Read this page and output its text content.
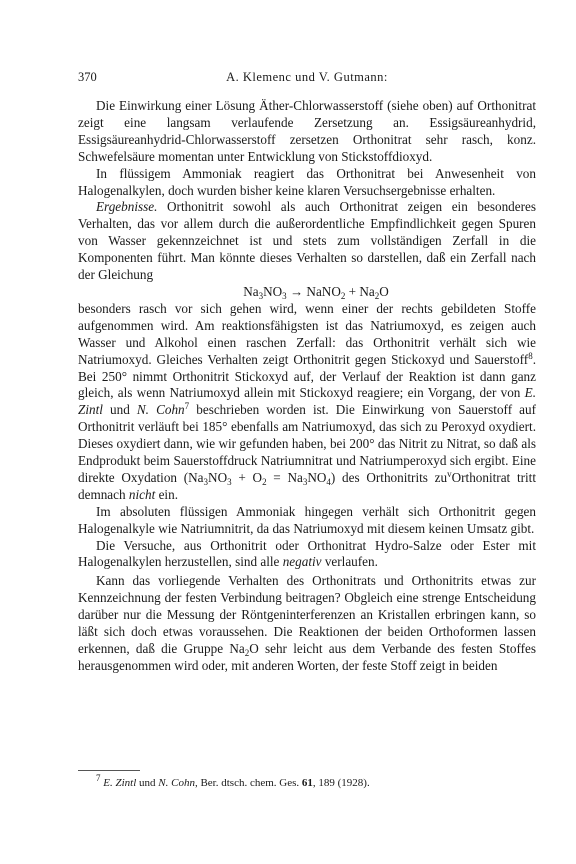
370	A. Klemenc und V. Gutmann:

Die Einwirkung einer Lösung Äther-Chlorwasserstoff (siehe oben) auf Orthonitrat zeigt eine langsam verlaufende Zersetzung an. Essigsäureanhydrid, Essigsäureanhydrid-Chlorwasserstoff zersetzen Orthonitrat sehr rasch, konz. Schwefelsäure momentan unter Entwicklung von Stickstoffdioxyd.

In flüssigem Ammoniak reagiert das Orthonitrat bei Anwesenheit von Halogenalkylen, doch wurden bisher keine klaren Versuchsergebnisse erhalten.

Ergebnisse. Orthonitrit sowohl als auch Orthonitrat zeigen ein besonderes Verhalten, das vor allem durch die außerordentliche Empfindlichkeit gegen Spuren von Wasser gekennzeichnet ist und stets zum vollständigen Zerfall in die Komponenten führt. Man könnte dieses Verhalten so darstellen, daß ein Zerfall nach der Gleichung

$Na_3NO_3$ → NaNO$_2$ + $Na_2O$

besonders rasch vor sich gehen wird, wenn einer der rechts gebildeten Stoffe aufgenommen wird. Am reaktionsfähigsten ist das Natriumoxyd, es zeigen auch Wasser und Alkohol einen raschen Zerfall: das Orthonitrit verhält sich wie Natriumoxyd. Gleiches Verhalten zeigt Orthonitrit gegen Stickoxyd und Sauerstoff$^8$. Bei 250° nimmt Orthonitrit Stickoxyd auf, der Verlauf der Reaktion ist dann ganz gleich, als wenn Natriumoxyd allein mit Stickoxyd reagiere; ein Vorgang, der von E. Zintl und N. Cohn$^7$ beschrieben worden ist. Die Einwirkung von Sauerstoff auf Orthonitrit verläuft bei 185° ebenfalls am Natriumoxyd, das sich zu Peroxyd oxydiert. Dieses oxydiert dann, wie wir gefunden haben, bei 200° das Nitrit zu Nitrat, so daß als Endprodukt beim Sauerstoffdruck Natriumnitrat und Natriumperoxyd sich ergibt. Eine direkte Oxydation $(Na_3NO_3 + O_2 = Na_3NO_4)$ des Orthonitrits $zu^vOrthonitrat$ tritt demnach nicht ein.

Im absoluten flüssigen Ammoniak hingegen verhält sich Orthonitrit gegen Halogenalkyle wie Natriumnitrit, da das Natriumoxyd mit diesem keinen Umsatz gibt.

Die Versuche, aus Orthonitrit oder Orthonitrat Hydro-Salze oder Ester mit Halogenalkylen herzustellen, sind alle negativ verlaufen.

Kann das vorliegende Verhalten des Orthonitrats und Orthonitrits etwas zur Kennzeichnung der festen Verbindung beitragen? Obgleich eine strenge Entscheidung darüber nur die Messung der Röntgeninterferenzen an Kristallen erbringen kann, so läßt sich doch etwas voraussehen. Die Reaktionen der beiden Orthoformen lassen erkennen, daß die Gruppe $Na_2O$ sehr leicht aus dem Verbande des festen Stoffes herausgenommen wird oder, mit anderen Worten, der feste Stoff zeigt in beiden

$^7$ E. Zintl und N. Cohn, Ber. dtsch. chem. Ges. 61, 189 (1928).
